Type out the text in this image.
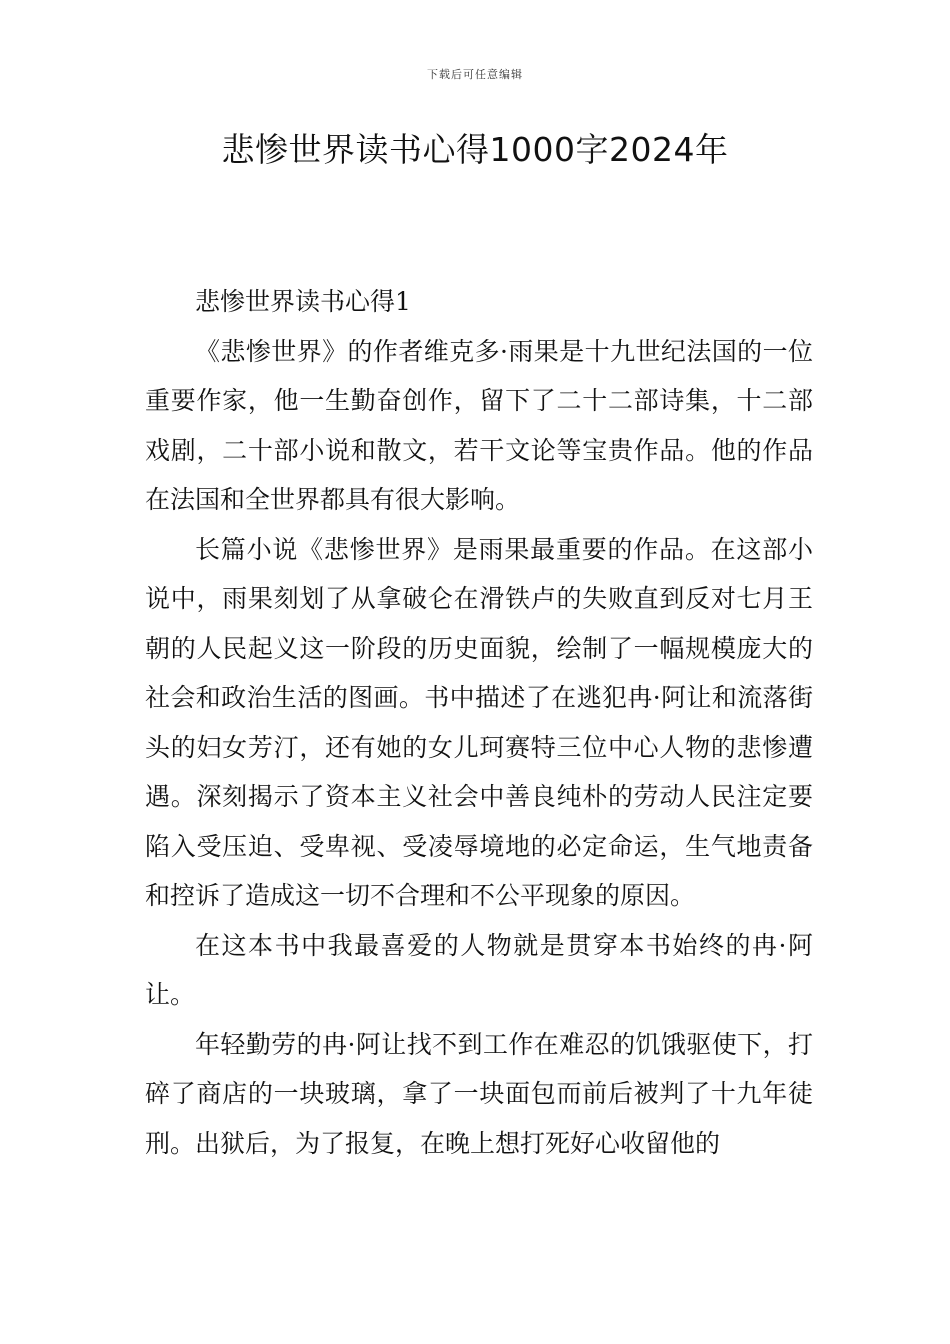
下载后可任意编辑
悲惨世界读书心得1000字2024年

悲惨世界读书心得1

《悲惨世界》的作者维克多·雨果是十九世纪法国的一位重要作家，他一生勤奋创作，留下了二十二部诗集，十二部戏剧，二十部小说和散文，若干文论等宝贵作品。他的作品在法国和全世界都具有很大影响。

长篇小说《悲惨世界》是雨果最重要的作品。在这部小说中，雨果刻划了从拿破仑在滑铁卢的失败直到反对七月王朝的人民起义这一阶段的历史面貌，绘制了一幅规模庞大的社会和政治生活的图画。书中描述了在逃犯冉·阿让和流落街头的妇女芳汀，还有她的女儿珂赛特三位中心人物的悲惨遭遇。深刻揭示了资本主义社会中善良纯朴的劳动人民注定要陷入受压迫、受卑视、受凌辱境地的必定命运，生气地责备和控诉了造成这一切不合理和不公平现象的原因。

在这本书中我最喜爱的人物就是贯穿本书始终的冉·阿让。

年轻勤劳的冉·阿让找不到工作在难忍的饥饿驱使下，打碎了商店的一块玻璃，拿了一块面包而前后被判了十九年徒刑。出狱后，为了报复，在晚上想打死好心收留他的
